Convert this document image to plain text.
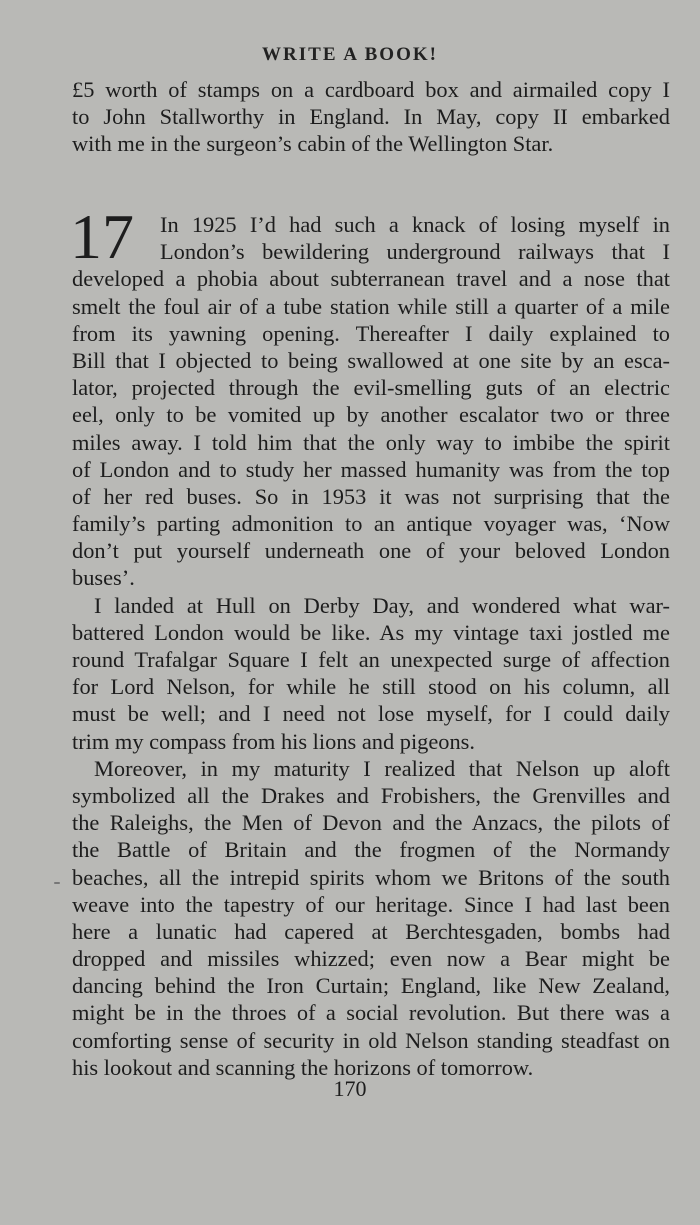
WRITE A BOOK!
£5 worth of stamps on a cardboard box and airmailed copy I
to John Stallworthy in England. In May, copy II embarked
with me in the surgeon’s cabin of the Wellington Star.
17	In 1925 I’d had such a knack of losing myself in
London’s bewildering underground railways that I
developed a phobia about subterranean travel and a nose that
smelt the foul air of a tube station while still a quarter of a mile
from its yawning opening. Thereafter I daily explained to
Bill that I objected to being swallowed at one site by an esca-
lator, projected through the evil-smelling guts of an electric
eel, only to be vomited up by another escalator two or three
miles away. I told him that the only way to imbibe the spirit
of London and to study her massed humanity was from the top
of her red buses. So in 1953 it was not surprising that the
family’s parting admonition to an antique voyager was, ‘Now
don’t put yourself underneath one of your beloved London
buses’.
I landed at Hull on Derby Day, and wondered what war-
battered London would be like. As my vintage taxi jostled me
round Trafalgar Square I felt an unexpected surge of affection
for Lord Nelson, for while he still stood on his column, all
must be well; and I need not lose myself, for I could daily
trim my compass from his lions and pigeons.
Moreover, in my maturity I realized that Nelson up aloft
symbolized all the Drakes and Frobishers, the Grenvilles and
the Raleighs, the Men of Devon and the Anzacs, the pilots of
the Battle of Britain and the frogmen of the Normandy
beaches, all the intrepid spirits whom we Britons of the south
weave into the tapestry of our heritage. Since I had last been
here a lunatic had capered at Berchtesgaden, bombs had
dropped and missiles whizzed; even now a Bear might be
dancing behind the Iron Curtain; England, like New Zealand,
might be in the throes of a social revolution. But there was a
comforting sense of security in old Nelson standing steadfast on
his lookout and scanning the horizons of tomorrow.
170
